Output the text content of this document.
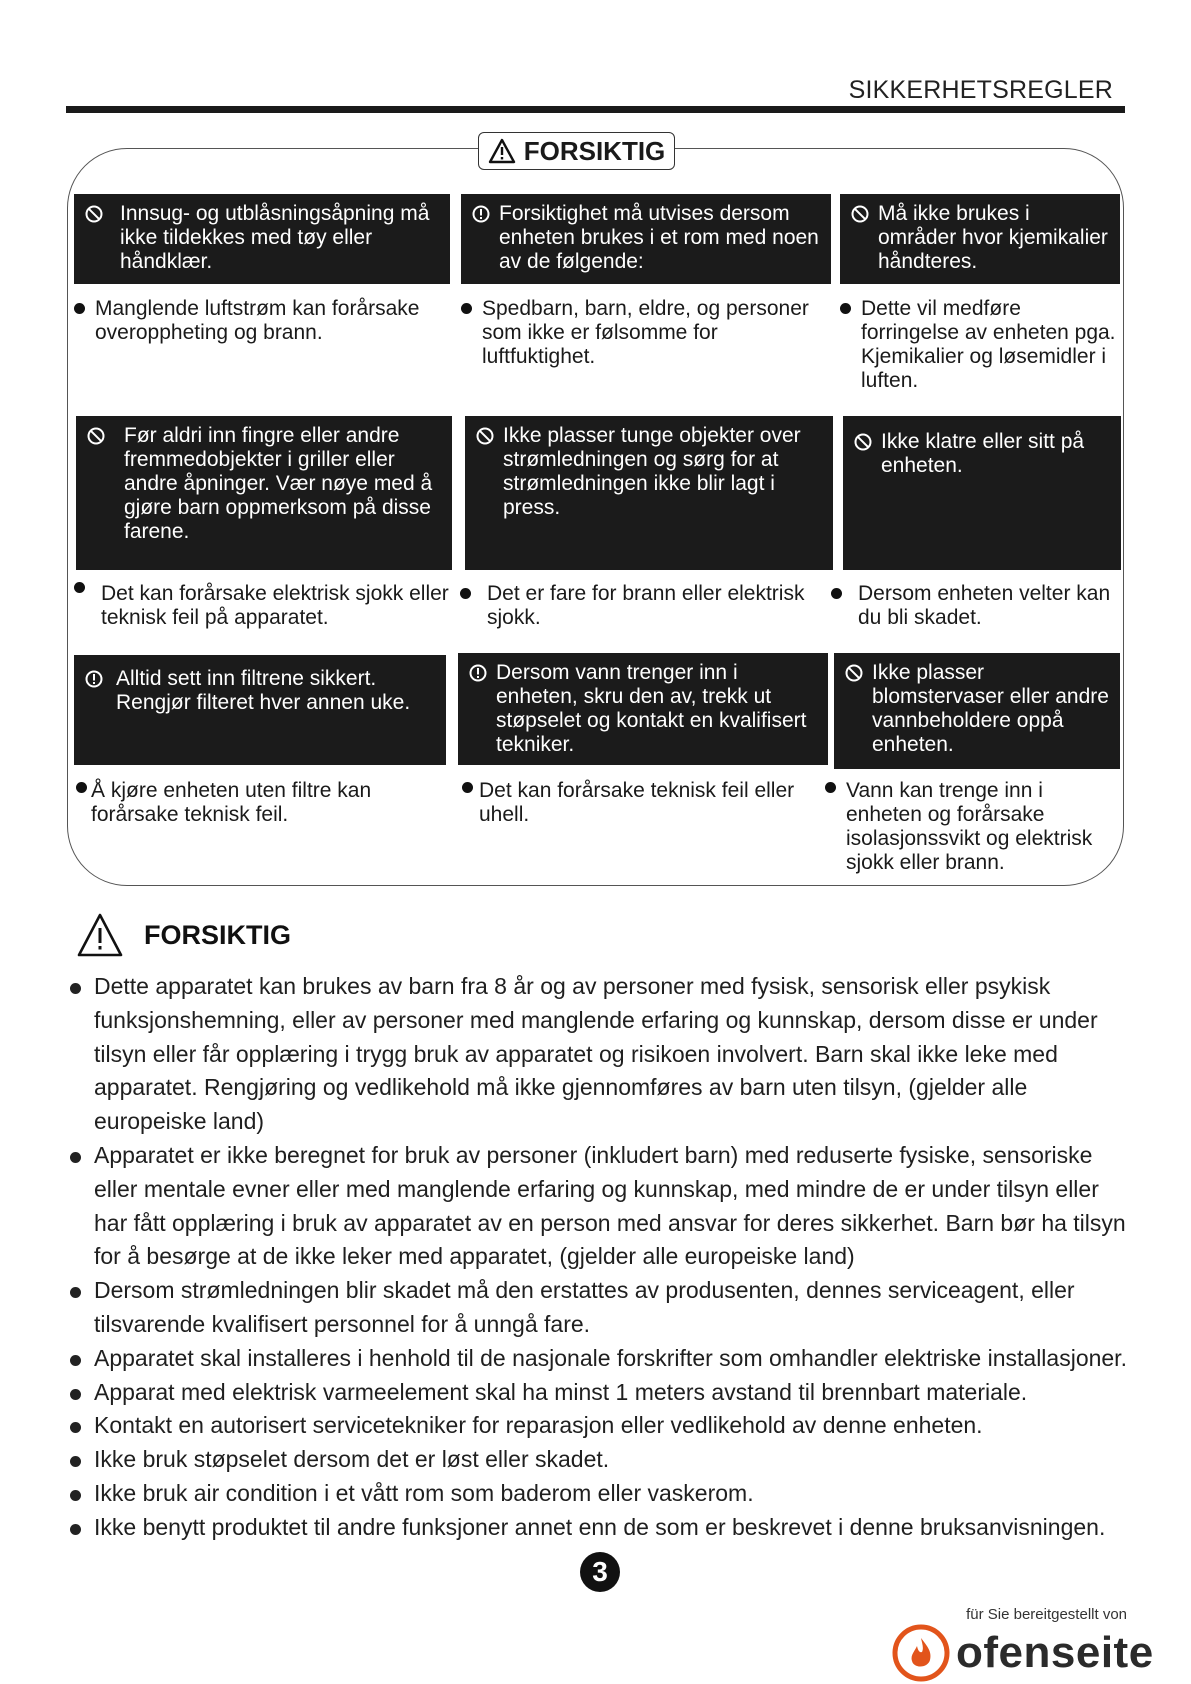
SIKKERHETSREGLER
FORSIKTIG
Innsug- og utblåsningsåpning må ikke tildekkes med tøy eller håndklær.
Forsiktighet må utvises dersom enheten brukes i et rom med noen av de følgende:
Må ikke brukes i områder hvor kjemikalier håndteres.
Manglende luftstrøm kan forårsake overoppheting og brann.
Spedbarn, barn, eldre, og personer som ikke er følsomme for luftfuktighet.
Dette vil medføre forringelse av enheten pga. Kjemikalier og løsemidler i luften.
Før aldri inn fingre eller andre fremmedobjekter i griller eller andre åpninger. Vær nøye med å gjøre barn oppmerksom på disse farene.
Ikke plasser tunge objekter over strømledningen og sørg for at strømledningen ikke blir lagt i press.
Ikke klatre eller sitt på enheten.
Det kan forårsake elektrisk sjokk eller teknisk feil på apparatet.
Det er fare for brann eller elektrisk sjokk.
Dersom enheten velter kan du bli skadet.
Alltid sett inn filtrene sikkert. Rengjør filteret hver annen uke.
Dersom vann trenger inn i enheten, skru den av, trekk ut støpselet og kontakt en kvalifisert tekniker.
Ikke plasser blomstervaser eller andre vannbeholdere oppå enheten.
Å kjøre enheten uten filtre kan forårsake teknisk feil.
Det kan forårsake teknisk feil eller uhell.
Vann kan trenge inn i enheten og forårsake isolasjonssvikt og elektrisk sjokk eller brann.
FORSIKTIG
Dette apparatet kan brukes av barn fra 8 år og av personer med fysisk, sensorisk eller psykisk funksjonshemning, eller av personer med manglende erfaring og kunnskap, dersom disse er under tilsyn eller får opplæring i trygg bruk av apparatet og risikoen involvert. Barn skal ikke leke med apparatet. Rengjøring og vedlikehold må ikke gjennomføres av barn uten tilsyn, (gjelder alle europeiske land)
Apparatet er ikke beregnet for bruk av personer (inkludert barn) med reduserte fysiske, sensoriske eller mentale evner eller med manglende erfaring og kunnskap, med mindre de er under tilsyn eller har fått opplæring i bruk av apparatet av en person med ansvar for deres sikkerhet. Barn bør ha tilsyn for å besørge at de ikke leker med apparatet, (gjelder alle europeiske land)
Dersom strømledningen blir skadet må den erstattes av produsenten, dennes serviceagent, eller tilsvarende kvalifisert personnel for å unngå fare.
Apparatet skal installeres i henhold til de nasjonale forskrifter som omhandler elektriske installasjoner.
Apparat med elektrisk varmeelement skal ha minst 1 meters avstand til brennbart materiale.
Kontakt en autorisert servicetekniker for reparasjon eller vedlikehold av denne enheten.
Ikke bruk støpselet dersom det er løst eller skadet.
Ikke bruk air condition i et vått rom som baderom eller vaskerom.
Ikke benytt produktet til andre funksjoner annet enn de som er beskrevet i denne bruksanvisningen.
3
für Sie bereitgestellt von
ofenseite
